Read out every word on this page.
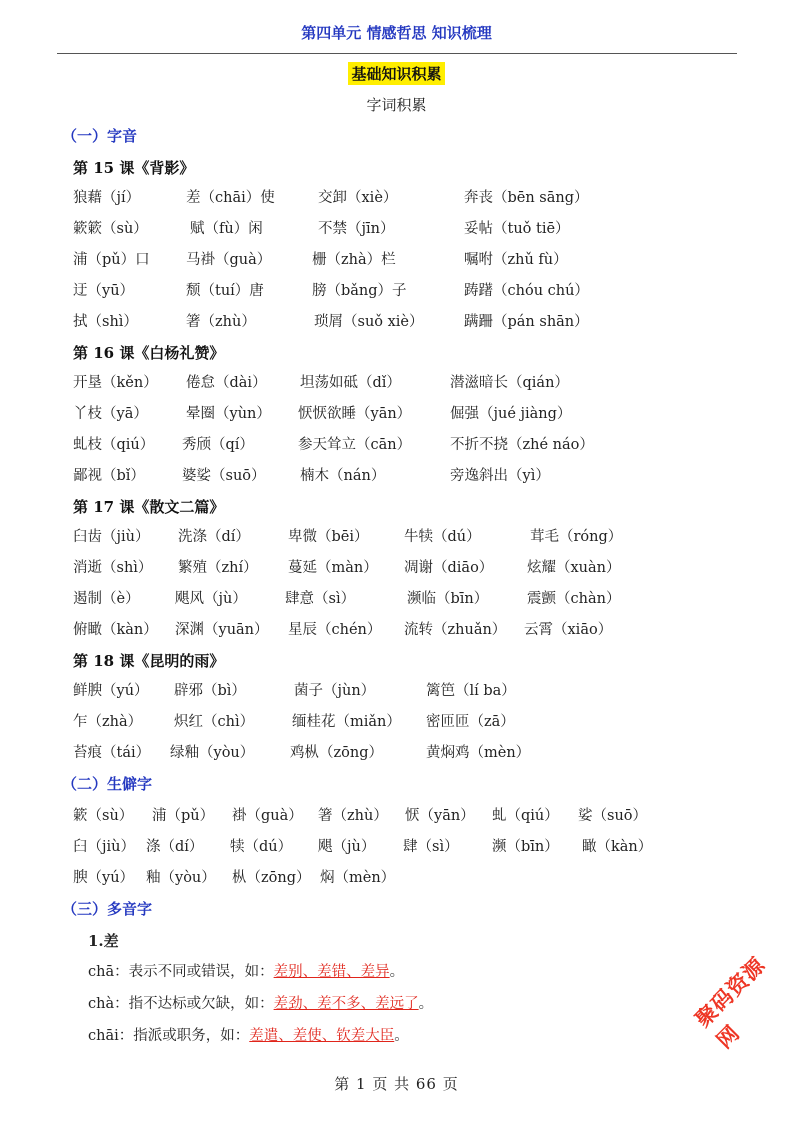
第四单元 情感哲思 知识梳理
基础知识积累
字词积累
（一）字音
第 15 课《背影》
狼藉（jí）	差（chāi）使	交卸（xiè）	奔丧（bēn sāng）
簌簌（sù）	赋（fù）闲	不禁（jīn）	妥帖（tuǒ tiē）
浦（pǔ）口	马褂（guà）	栅（zhà）栏	嘱咐（zhǔ fù）
迂（yū）	颓（tuí）唐	膀（bǎng）子	踌躇（chóu chú）
拭（shì）	箸（zhù）	琐屑（suǒ xiè）	蹒跚（pán shān）
第 16 课《白杨礼赞》
开垦（kěn） 倦怠（dài） 坦荡如砥（dǐ）	潜滋暗长（qián）
丫枝（yā）	晕圈（yùn） 恹恹欲睡（yān）	倔强（jué jiàng）
虬枝（qiú） 秀颀（qí）	参天耸立（cān）	不折不挠（zhé náo）
鄙视（bǐ）	婆娑（suō） 楠木（nán）	旁逸斜出（yì）
第 17 课《散文二篇》
臼齿（jiù） 洗涤（dí）	卑微（bēi） 牛犊（dú）	茸毛（róng）
消逝（shì） 繁殖（zhí） 蔓延（màn） 凋谢（diāo） 炫耀（xuàn）
遏制（è） 飓风（jù）	肆意（sì）	濒临（bīn）	震颤（chàn）
俯瞰（kàn） 深渊（yuān） 星辰（chén） 流转（zhuǎn） 云霄（xiāo）
第 18 课《昆明的雨》
鲜腴（yú） 辟邪（bì）	菌子（jùn）	篱笆（lí ba）
乍（zhà） 炽红（chì）	缅桂花（miǎn） 密匝匝（zā）
苔痕（tái） 绿釉（yòu） 鸡枞（zōng）	黄焖鸡（mèn）
（二）生僻字
簌（sù） 浦（pǔ） 褂（guà） 箸（zhù） 恹（yān） 虬（qiú） 娑（suō）
臼（jiù） 涤（dí） 犊（dú） 飓（jù） 肆（sì） 濒（bīn） 瞰（kàn）
腴（yú） 釉（yòu） 枞（zōng） 焖（mèn）
（三）多音字
1.差
chā：表示不同或错误，如：差别、差错、差异。
chà：指不达标或欠缺，如：差劲、差不多、差远了。
chāi：指派或职务，如：差遣、差使、钦差大臣。
第 1 页 共 66 页
聚码资源网
